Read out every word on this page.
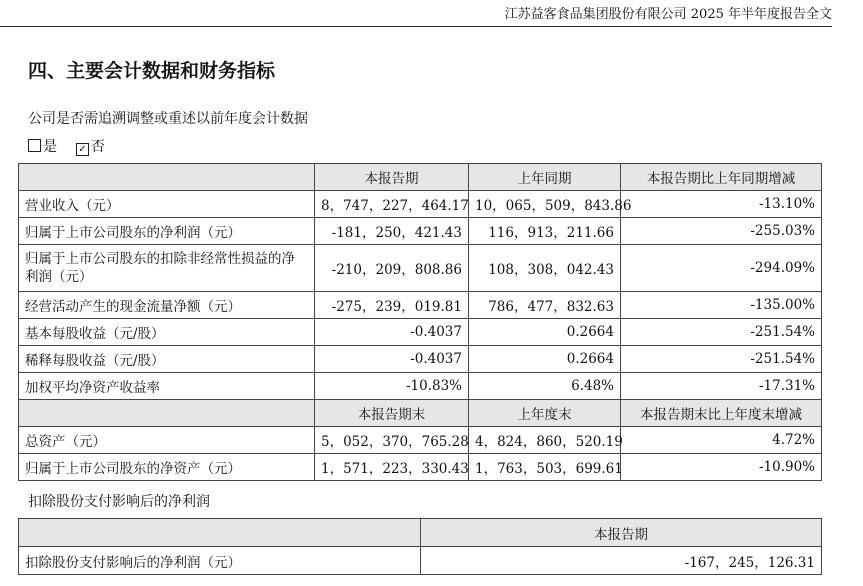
江苏益客食品集团股份有限公司 2025 年半年度报告全文
四、主要会计数据和财务指标
公司是否需追溯调整或重述以前年度会计数据
是 ✓ 否
	本报告期	上年同期	本报告期比上年同期增减
营业收入（元）	8，747，227，464.17	10，065，509，843.86	-13.10%
归属于上市公司股东的净利润（元）	-181，250，421.43	116，913，211.66	-255.03%
归属于上市公司股东的扣除非经常性损益的净利润（元）	-210，209，808.86	108，308，042.43	-294.09%
经营活动产生的现金流量净额（元）	-275，239，019.81	786，477，832.63	-135.00%
基本每股收益（元/股）	-0.4037	0.2664	-251.54%
稀释每股收益（元/股）	-0.4037	0.2664	-251.54%
加权平均净资产收益率	-10.83%	6.48%	-17.31%
	本报告期末	上年度末	本报告期末比上年度末增减
总资产（元）	5，052，370，765.28	4，824，860，520.19	4.72%
归属于上市公司股东的净资产（元）	1，571，223，330.43	1，763，503，699.61	-10.90%
扣除股份支付影响后的净利润
	本报告期
扣除股份支付影响后的净利润（元）	-167，245，126.31
